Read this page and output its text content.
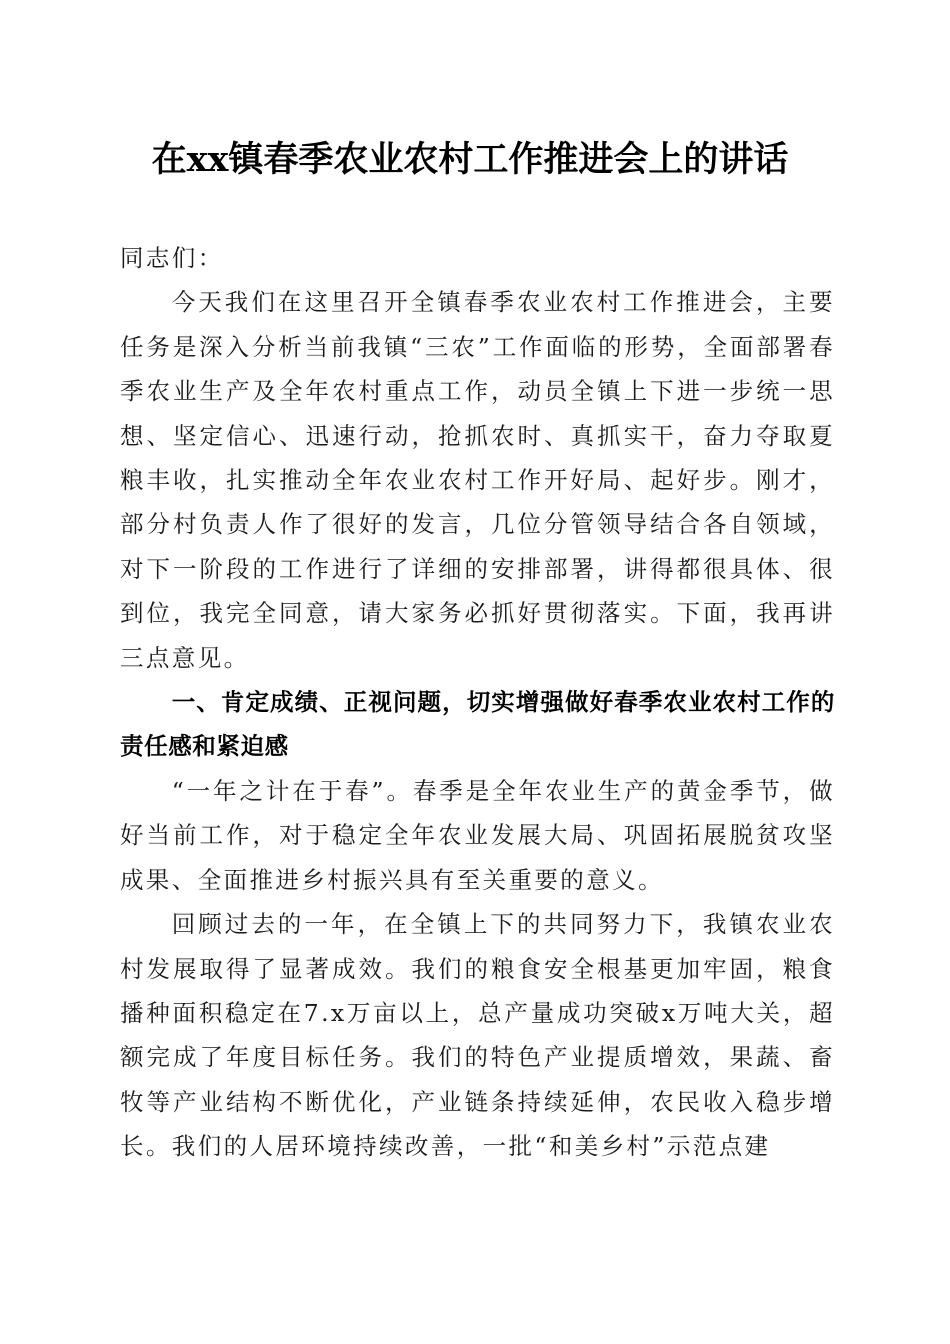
在xx镇春季农业农村工作推进会上的讲话

同志们：

今天我们在这里召开全镇春季农业农村工作推进会，主要任务是深入分析当前我镇“三农”工作面临的形势，全面部署春季农业生产及全年农村重点工作，动员全镇上下进一步统一思想、坚定信心、迅速行动，抢抓农时、真抓实干，奋力夺取夏粮丰收，扎实推动全年农业农村工作开好局、起好步。刚才，部分村负责人作了很好的发言，几位分管领导结合各自领域，对下一阶段的工作进行了详细的安排部署，讲得都很具体、很到位，我完全同意，请大家务必抓好贯彻落实。下面，我再讲三点意见。

一、肯定成绩、正视问题，切实增强做好春季农业农村工作的责任感和紧迫感

“一年之计在于春”。春季是全年农业生产的黄金季节，做好当前工作，对于稳定全年农业发展大局、巩固拓展脱贫攻坚成果、全面推进乡村振兴具有至关重要的意义。

回顾过去的一年，在全镇上下的共同努力下，我镇农业农村发展取得了显著成效。我们的粮食安全根基更加牢固，粮食播种面积稳定在7.x万亩以上，总产量成功突破x万吨大关，超额完成了年度目标任务。我们的特色产业提质增效，果蔬、畜牧等产业结构不断优化，产业链条持续延伸，农民收入稳步增长。我们的人居环境持续改善，一批“和美乡村”示范点建
